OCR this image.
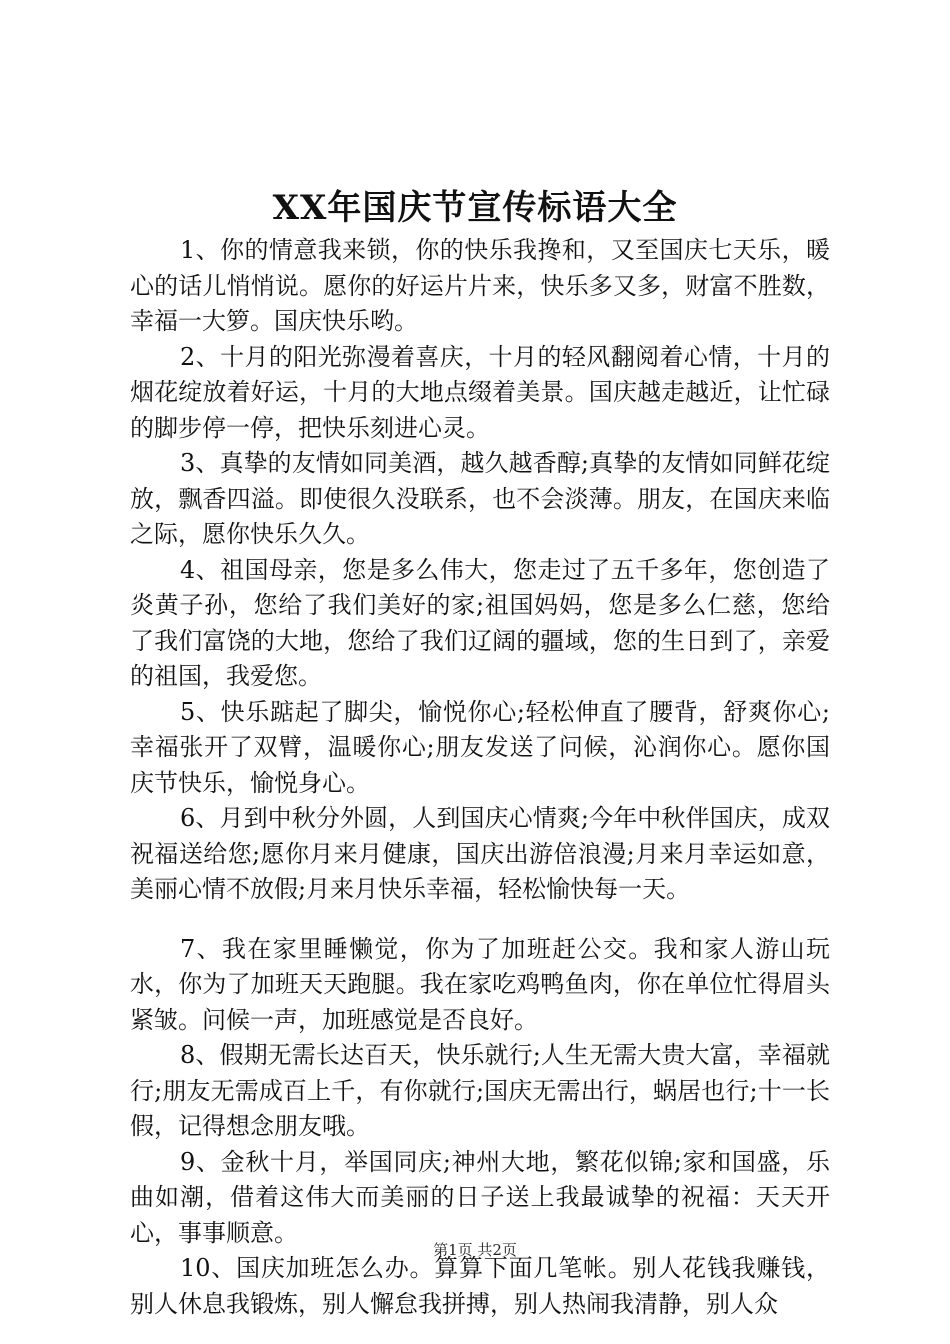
XX年国庆节宣传标语大全

1、你的情意我来锁，你的快乐我搀和，又至国庆七天乐，暖心的话儿悄悄说。愿你的好运片片来，快乐多又多，财富不胜数，幸福一大箩。国庆快乐哟。

2、十月的阳光弥漫着喜庆，十月的轻风翻阅着心情，十月的烟花绽放着好运，十月的大地点缀着美景。国庆越走越近，让忙碌的脚步停一停，把快乐刻进心灵。

3、真挚的友情如同美酒，越久越香醇;真挚的友情如同鲜花绽放，飘香四溢。即使很久没联系，也不会淡薄。朋友，在国庆来临之际，愿你快乐久久。

4、祖国母亲，您是多么伟大，您走过了五千多年，您创造了炎黄子孙，您给了我们美好的家;祖国妈妈，您是多么仁慈，您给了我们富饶的大地，您给了我们辽阔的疆域，您的生日到了，亲爱的祖国，我爱您。

5、快乐踮起了脚尖，愉悦你心;轻松伸直了腰背，舒爽你心;幸福张开了双臂，温暖你心;朋友发送了问候，沁润你心。愿你国庆节快乐，愉悦身心。

6、月到中秋分外圆，人到国庆心情爽;今年中秋伴国庆，成双祝福送给您;愿你月来月健康，国庆出游倍浪漫;月来月幸运如意，美丽心情不放假;月来月快乐幸福，轻松愉快每一天。

7、我在家里睡懒觉，你为了加班赶公交。我和家人游山玩水，你为了加班天天跑腿。我在家吃鸡鸭鱼肉，你在单位忙得眉头紧皱。问候一声，加班感觉是否良好。

8、假期无需长达百天，快乐就行;人生无需大贵大富，幸福就行;朋友无需成百上千，有你就行;国庆无需出行，蜗居也行;十一长假，记得想念朋友哦。

9、金秋十月，举国同庆;神州大地，繁花似锦;家和国盛，乐曲如潮，借着这伟大而美丽的日子送上我最诚挚的祝福：天天开心，事事顺意。

10、国庆加班怎么办。算算下面几笔帐。别人花钱我赚钱，别人休息我锻炼，别人懈怠我拼搏，别人热闹我清静，别人众

第1页 共2页
